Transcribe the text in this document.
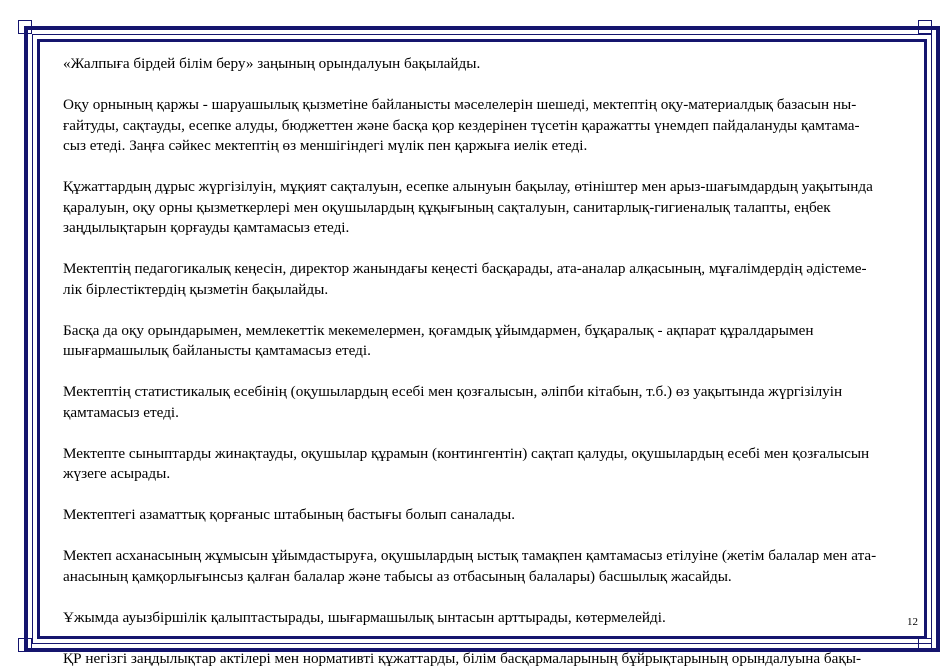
«Жалпыға бірдей білім беру» заңының орындалуын бақылайды.

Оқу орнының қаржы - шаруашылық қызметіне байланысты мәселелерін шешеді, мектептің оқу-материалдық базасын ны-
ғайтуды, сақтауды, есепке алуды, бюджеттен және басқа қор кездерінен түсетін қаражатты үнемдеп пайдалануды қамтама-
сыз етеді. Заңға сәйкес мектептің өз меншігіндегі мүлік пен қаржыға иелік етеді.

Құжаттардың дұрыс жүргізілуін, мұқият сақталуын, есепке алынуын бақылау, өтініштер мен арыз-шағымдардың уақытында
қаралуын, оқу орны қызметкерлері мен оқушылардың құқығының сақталуын, санитарлық-гигиеналық талапты, еңбек
заңдылықтарын қорғауды қамтамасыз етеді.

Мектептің педагогикалық кеңесін, директор жанындағы кеңесті басқарады, ата-аналар алқасының, мұғалімдердің әдістеме-
лік бірлестіктердің қызметін бақылайды.

Басқа да оқу орындарымен, мемлекеттік мекемелермен, қоғамдық ұйымдармен, бұқаралық - ақпарат құралдарымен
шығармашылық байланысты қамтамасыз етеді.

Мектептің статистикалық есебінің (оқушылардың есебі мен қозғалысын, әліпби кітабын, т.б.) өз уақытында жүргізілуін
қамтамасыз етеді.

Мектепте сыныптарды жинақтауды, оқушылар құрамын (контингентін) сақтап қалуды, оқушылардың есебі мен қозғалысын
жүзеге асырады.

Мектептегі азаматтық қорғаныс штабының бастығы болып саналады.

Мектеп асханасының жұмысын ұйымдастыруға, оқушылардың ыстық тамақпен қамтамасыз етілуіне (жетім балалар мен ата-
анасының қамқорлығынсыз қалған балалар және табысы аз отбасының балалары) басшылық жасайды.

Ұжымда ауызбіршілік қалыптастырады, шығармашылық ынтасын арттырады, көтермелейді.

ҚР негізгі заңдылықтар актілері мен нормативті құжаттарды, білім басқармаларының бұйрықтарының орындалуына бақы-

12
